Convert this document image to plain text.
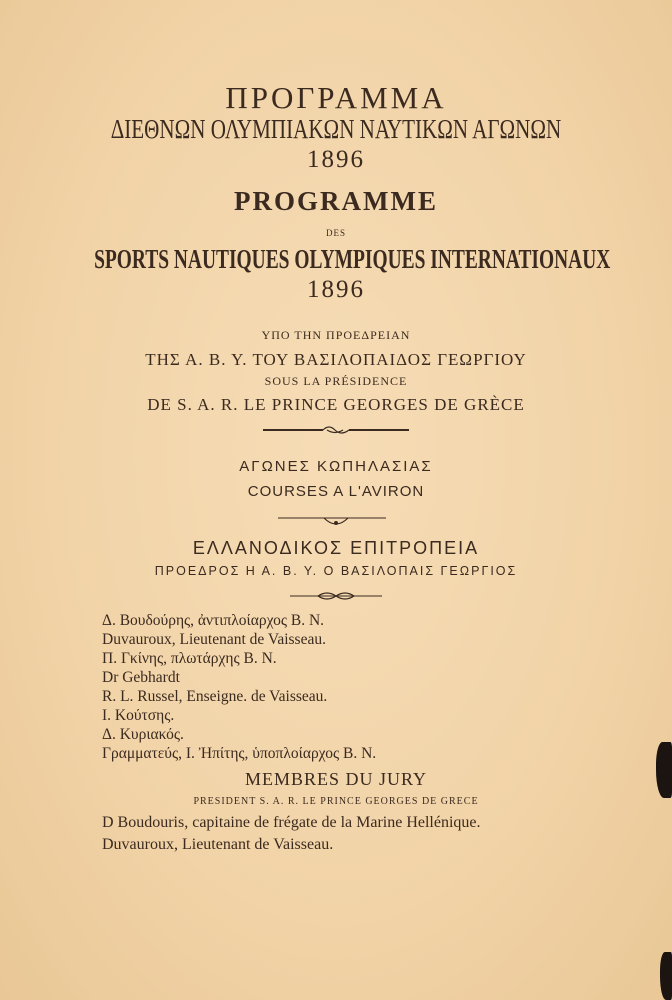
ΠΡΟΓΡΑΜΜΑ
ΔΙΕΘΝΩΝ ΟΛΥΜΠΙΑΚΩΝ ΝΑΥΤΙΚΩΝ ΑΓΩΝΩΝ
1896
PROGRAMME
DES
SPORTS NAUTIQUES OLYMPIQUES INTERNATIONAUX
1896
ΥΠΟ ΤΗΝ ΠΡΟΕΔΡΕΙΑΝ
ΤΗΣ Α. Β. Υ. ΤΟΥ ΒΑΣΙΛΟΠΑΙΔΟΣ ΓΕΩΡΓΙΟΥ
SOUS LA PRÉSIDENCE
DE S. A. R. LE PRINCE GEORGES DE GRÈCE
ΑΓΩΝΕΣ ΚΩΠΗΛΑΣΙΑΣ
COURSES A L'AVIRON
ΕΛΛΑΝΟΔΙΚΟΣ ΕΠΙΤΡΟΠΕΙΑ
ΠΡΟΕΔΡΟΣ Η Α. Β. Υ. Ο ΒΑΣΙΛΟΠΑΙΣ ΓΕΩΡΓΙΟΣ
Δ. Βουδούρης, ἀντιπλοίαρχος Β. Ν.
Duvauroux, Lieutenant de Vaisseau.
Π. Γκίνης, πλωτάρχης Β. Ν.
Dr Gebhardt
R. L. Russel, Enseigne. de Vaisseau.
Ι. Κούτσης.
Δ. Κυριακός.
Γραμματεύς, Ι. Ἠπίτης, ὑποπλοίαρχος Β. Ν.
MEMBRES DU JURY
PRESIDENT S. A. R. LE PRINCE GEORGES DE GRECE
D Boudouris, capitaine de frégate de la Marine Hellénique.
Duvauroux, Lieutenant de Vaisseau.
